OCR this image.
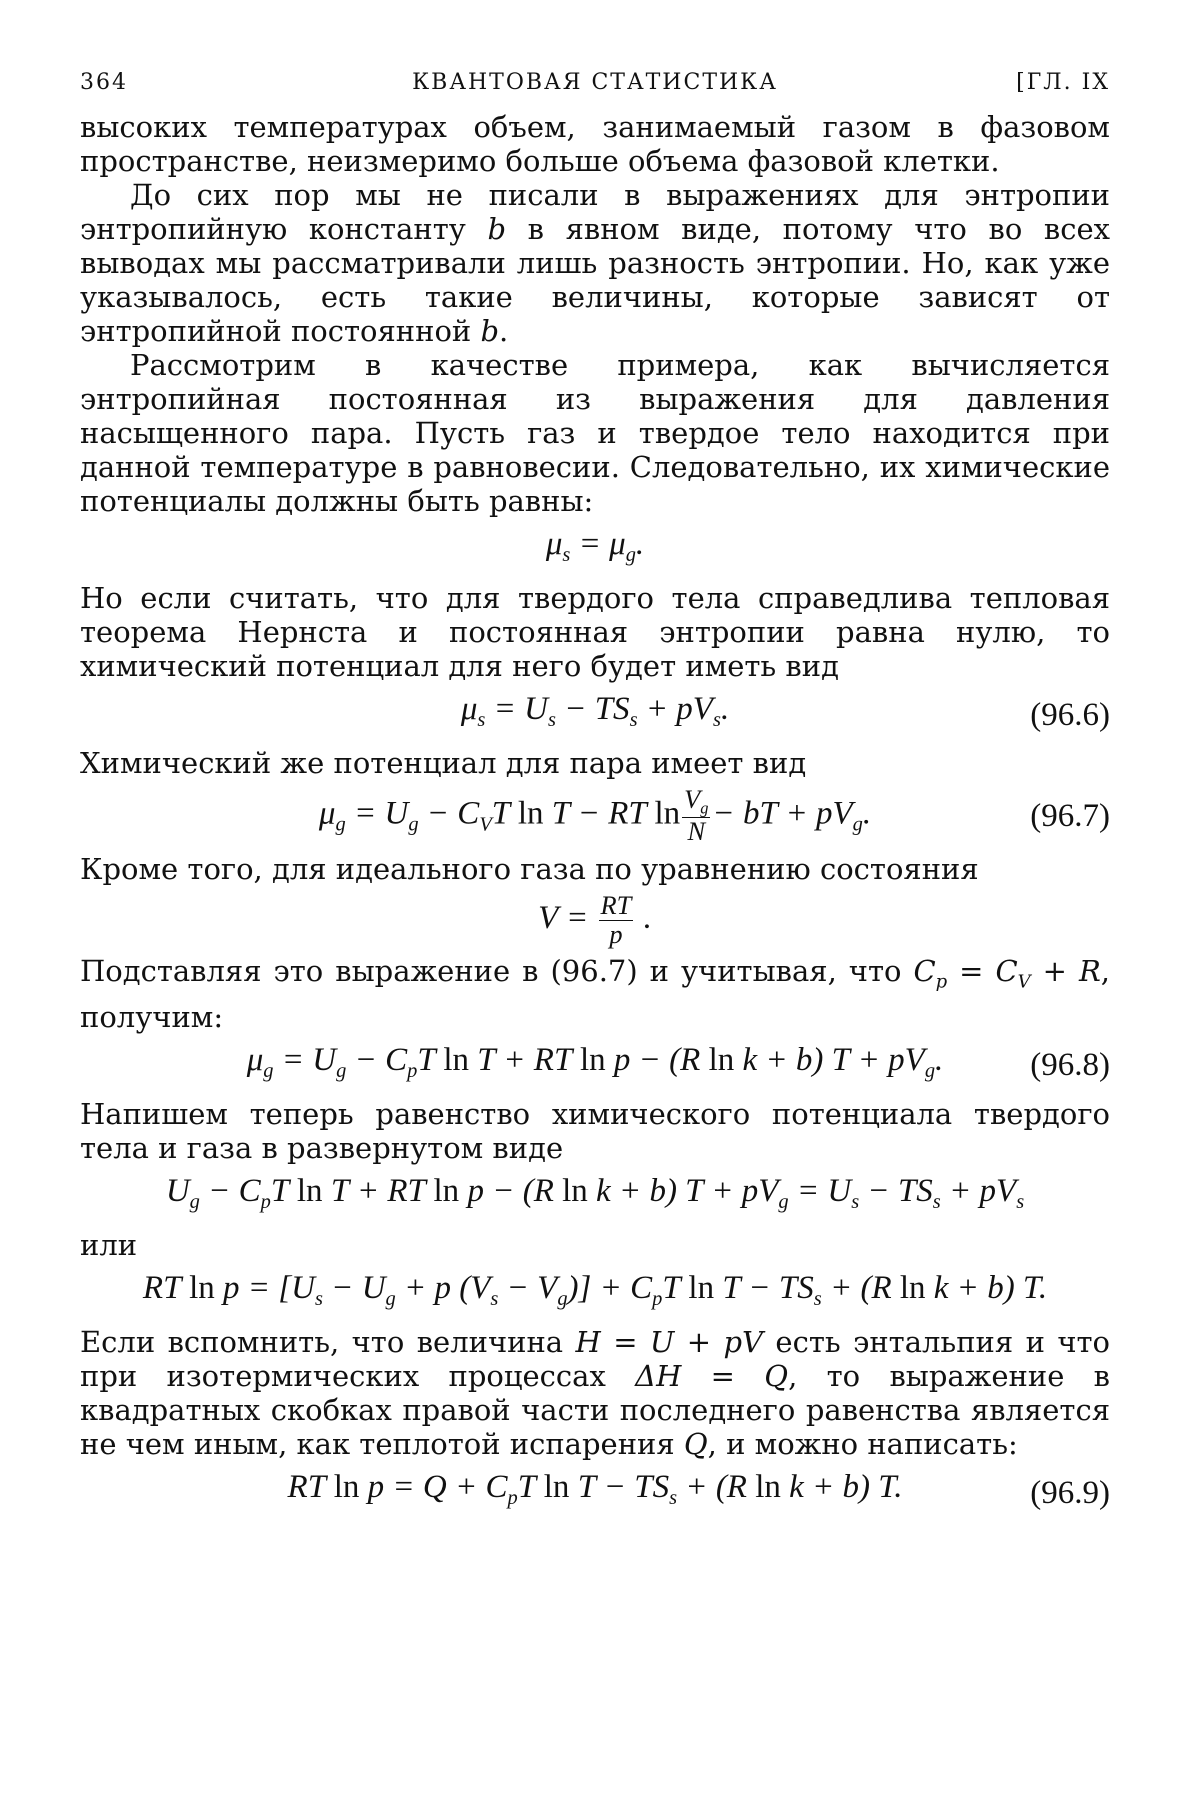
364	КВАНТОВАЯ СТАТИСТИКА	[ГЛ. IX

высоких температурах объем, занимаемый газом в фазовом пространстве, неизмеримо больше объема фазовой клетки.

До сих пор мы не писали в выражениях для энтропии энтропийную константу b в явном виде, потому что во всех выводах мы рассматривали лишь разность энтропии. Но, как уже указывалось, есть такие величины, которые зависят от энтропийной постоянной b.

Рассмотрим в качестве примера, как вычисляется энтропийная постоянная из выражения для давления насыщенного пара. Пусть газ и твердое тело находится при данной температуре в равновесии. Следовательно, их химические потенциалы должны быть равны:

$\mu_s = \mu_g$.

Но если считать, что для твердого тела справедлива тепловая теорема Нернста и постоянная энтропии равна нулю, то химический потенциал для него будет иметь вид

$\mu_s = U_s - TS_s + pV_s$.	(96.6)

Химический же потенциал для пара имеет вид

$\mu_g = U_g - C_VT$ ln T − RT $\ln \frac{V_g}{N}$ − bT + $pV_g$.	(96.7)

Кроме того, для идеального газа по уравнению состояния

$V = \frac{RT}{p}$ .

Подставляя это выражение в (96.7) и учитывая, что $C_p = C_V + R$, получим:

$\mu_g = U_g - C_pT$ ln T + RT ln p − (R ln k + b) $T + pV_g$.	(96.8)

Напишем теперь равенство химического потенциала твердого тела и газа в развернутом виде

$U_g - C_pT$ ln T + RT ln p − (R ln k + b) $T + pV_g = U_s - TS_s + pV_s$

или

RT $\ln p = [U_s - U_g + p$ $(V_s - V_g)] + C_pT$ $\ln T - TS_s + (R$ ln k + b) T.

Если вспомнить, что величина H = U + pV есть энтальпия и что при изотермических процессах ΔH = Q, то выражение в квадратных скобках правой части последнего равенства является не чем иным, как теплотой испарения Q, и можно написать:

RT $\ln p = Q + C_pT$ $\ln T - TS_s + (R$ ln k + b) T.	(96.9)
